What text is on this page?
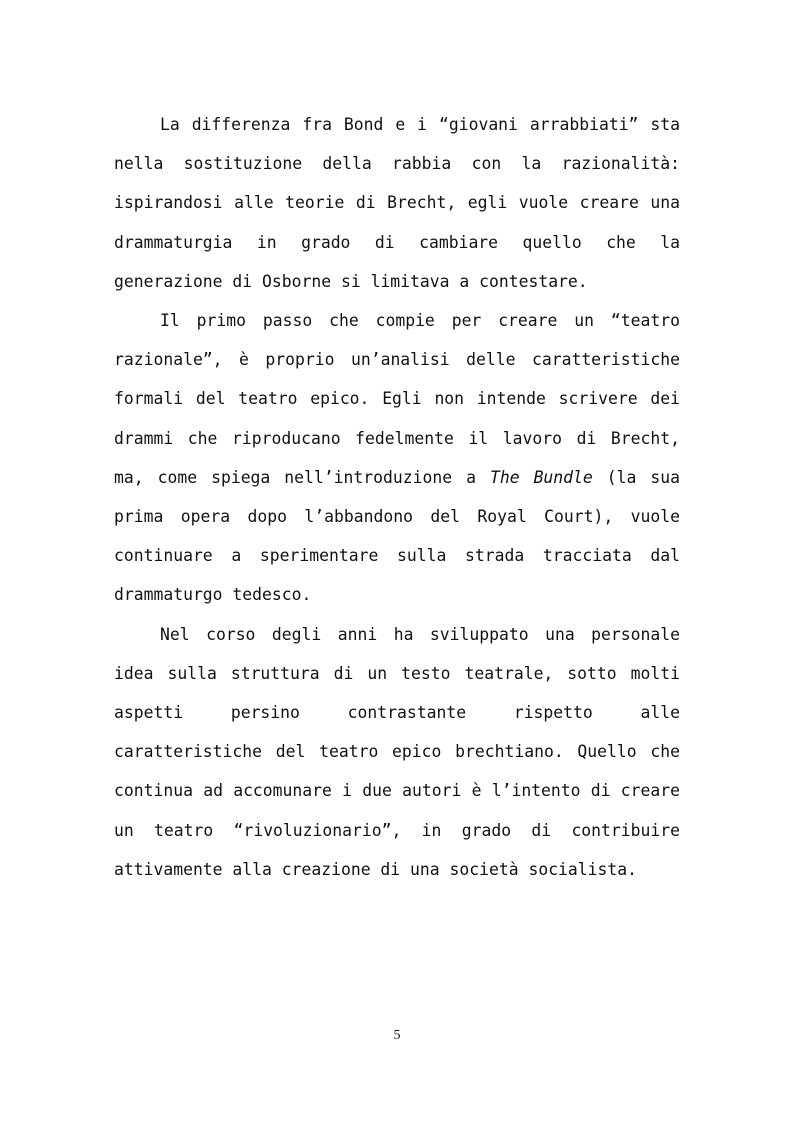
La differenza fra Bond e i “giovani arrabbiati” sta nella sostituzione della rabbia con la razionalità: ispirandosi alle teorie di Brecht, egli vuole creare una drammaturgia in grado di cambiare quello che la generazione di Osborne si limitava a contestare.

Il primo passo che compie per creare un “teatro razionale”, è proprio un’analisi delle caratteristiche formali del teatro epico. Egli non intende scrivere dei drammi che riproducano fedelmente il lavoro di Brecht, ma, come spiega nell’introduzione a The Bundle (la sua prima opera dopo l’abbandono del Royal Court), vuole continuare a sperimentare sulla strada tracciata dal drammaturgo tedesco.

Nel corso degli anni ha sviluppato una personale idea sulla struttura di un testo teatrale, sotto molti aspetti persino contrastante rispetto alle caratteristiche del teatro epico brechtiano. Quello che continua ad accomunare i due autori è l’intento di creare un teatro “rivoluzionario”, in grado di contribuire attivamente alla creazione di una società socialista.

5
